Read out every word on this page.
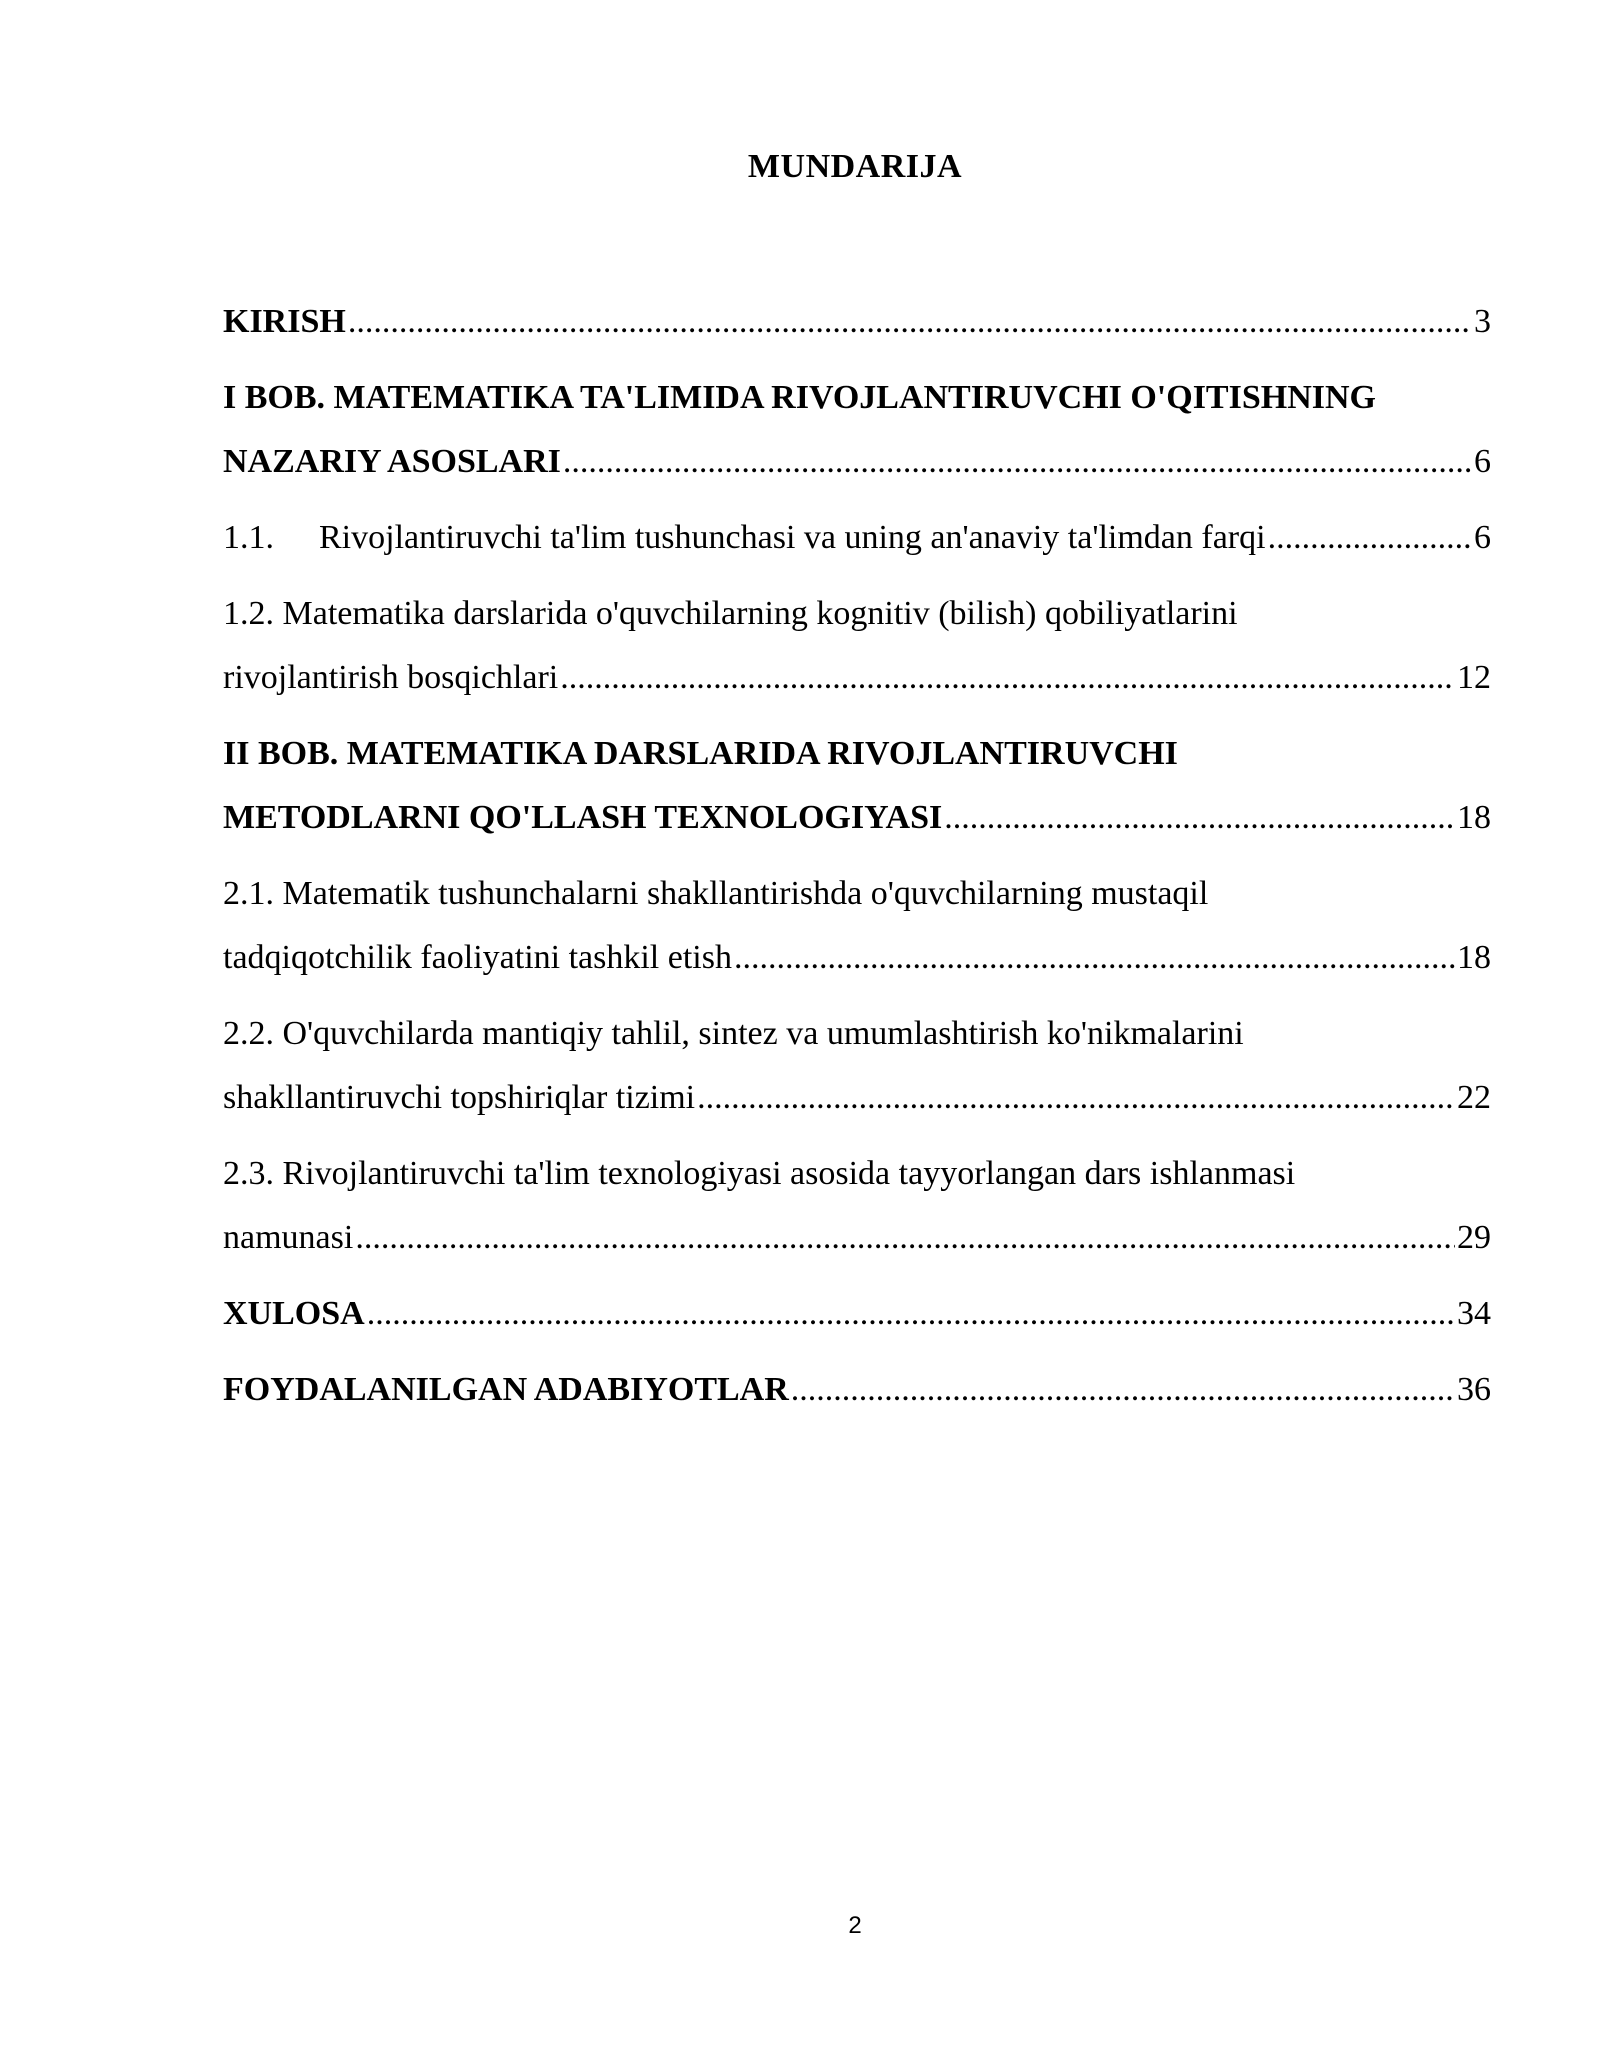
MUNDARIJA
KIRISH .....	3
I BOB. MATEMATIKA TA'LIMIDA RIVOJLANTIRUVCHI O'QITISHNING
NAZARIY ASOSLARI .....	6
1.1.	Rivojlantiruvchi ta'lim tushunchasi va uning an'anaviy ta'limdan farqi .....	6
1.2. Matematika darslarida o'quvchilarning kognitiv (bilish) qobiliyatlarini
rivojlantirish bosqichlari .....	12
II BOB. MATEMATIKA DARSLARIDA RIVOJLANTIRUVCHI
METODLARNI QO'LLASH TEXNOLOGIYASI .....	18
2.1. Matematik tushunchalarni shakllantirishda o'quvchilarning mustaqil
tadqiqotchilik faoliyatini tashkil etish .....	18
2.2. O'quvchilarda mantiqiy tahlil, sintez va umumlashtirish ko'nikmalarini
shakllantiruvchi topshiriqlar tizimi .....	22
2.3. Rivojlantiruvchi ta'lim texnologiyasi asosida tayyorlangan dars ishlanmasi
namunasi .....	29
XULOSA .....	34
FOYDALANILGAN ADABIYOTLAR .....	36
2
